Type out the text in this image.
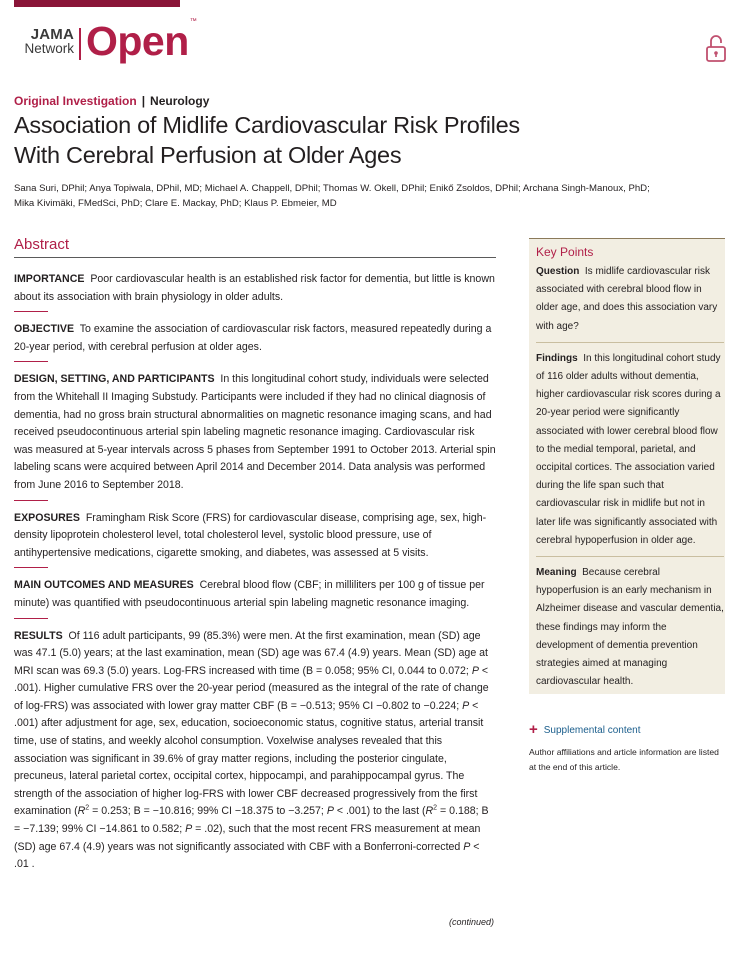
JAMA
Network Open™
Original Investigation | Neurology
Association of Midlife Cardiovascular Risk Profiles
With Cerebral Perfusion at Older Ages
Sana Suri, DPhil; Anya Topiwala, DPhil, MD; Michael A. Chappell, DPhil; Thomas W. Okell, DPhil; Enikő Zsoldos, DPhil; Archana Singh-Manoux, PhD;
Mika Kivimäki, FMedSci, PhD; Clare E. Mackay, PhD; Klaus P. Ebmeier, MD
Abstract

IMPORTANCE Poor cardiovascular health is an established risk factor for dementia, but little is known about its association with brain physiology in older adults.

OBJECTIVE To examine the association of cardiovascular risk factors, measured repeatedly during a 20-year period, with cerebral perfusion at older ages.

DESIGN, SETTING, AND PARTICIPANTS In this longitudinal cohort study, individuals were selected from the Whitehall II Imaging Substudy. Participants were included if they had no clinical diagnosis of dementia, had no gross brain structural abnormalities on magnetic resonance imaging scans, and had received pseudocontinuous arterial spin labeling magnetic resonance imaging. Cardiovascular risk was measured at 5-year intervals across 5 phases from September 1991 to October 2013. Arterial spin labeling scans were acquired between April 2014 and December 2014. Data analysis was performed from June 2016 to September 2018.

EXPOSURES Framingham Risk Score (FRS) for cardiovascular disease, comprising age, sex, high-density lipoprotein cholesterol level, total cholesterol level, systolic blood pressure, use of antihypertensive medications, cigarette smoking, and diabetes, was assessed at 5 visits.

MAIN OUTCOMES AND MEASURES Cerebral blood flow (CBF; in milliliters per 100 g of tissue per minute) was quantified with pseudocontinuous arterial spin labeling magnetic resonance imaging.

RESULTS Of 116 adult participants, 99 (85.3%) were men. At the first examination, mean (SD) age was 47.1 (5.0) years; at the last examination, mean (SD) age was 67.4 (4.9) years. Mean (SD) age at MRI scan was 69.3 (5.0) years. Log-FRS increased with time (B = 0.058; 95% CI, 0.044 to 0.072; P < .001). Higher cumulative FRS over the 20-year period (measured as the integral of the rate of change of log-FRS) was associated with lower gray matter CBF (B = −0.513; 95% CI −0.802 to −0.224; P < .001) after adjustment for age, sex, education, socioeconomic status, cognitive status, arterial transit time, use of statins, and weekly alcohol consumption. Voxelwise analyses revealed that this association was significant in 39.6% of gray matter regions, including the posterior cingulate, precuneus, lateral parietal cortex, occipital cortex, hippocampi, and parahippocampal gyrus. The strength of the association of higher log-FRS with lower CBF decreased progressively from the first examination ($R^2 = 0.253$; B = −10.816; 99% CI −18.375 to −3.257; P < .001) to the last ($R^2 = 0.188$; B = −7.139; 99% CI −14.861 to 0.582; P = .02), such that the most recent FRS measurement at mean (SD) age 67.4 (4.9) years was not significantly associated with CBF with a Bonferroni-corrected P < .01 .

(continued)
Key Points

Question Is midlife cardiovascular risk associated with cerebral blood flow in older age, and does this association vary with age?

Findings In this longitudinal cohort study of 116 older adults without dementia, higher cardiovascular risk scores during a 20-year period were significantly associated with lower cerebral blood flow to the medial temporal, parietal, and occipital cortices. The association varied during the life span such that cardiovascular risk in midlife but not in later life was significantly associated with cerebral hypoperfusion in older age.

Meaning Because cerebral hypoperfusion is an early mechanism in Alzheimer disease and vascular dementia, these findings may inform the development of dementia prevention strategies aimed at managing cardiovascular health.

+ Supplemental content
Author affiliations and article information are listed at the end of this article.
